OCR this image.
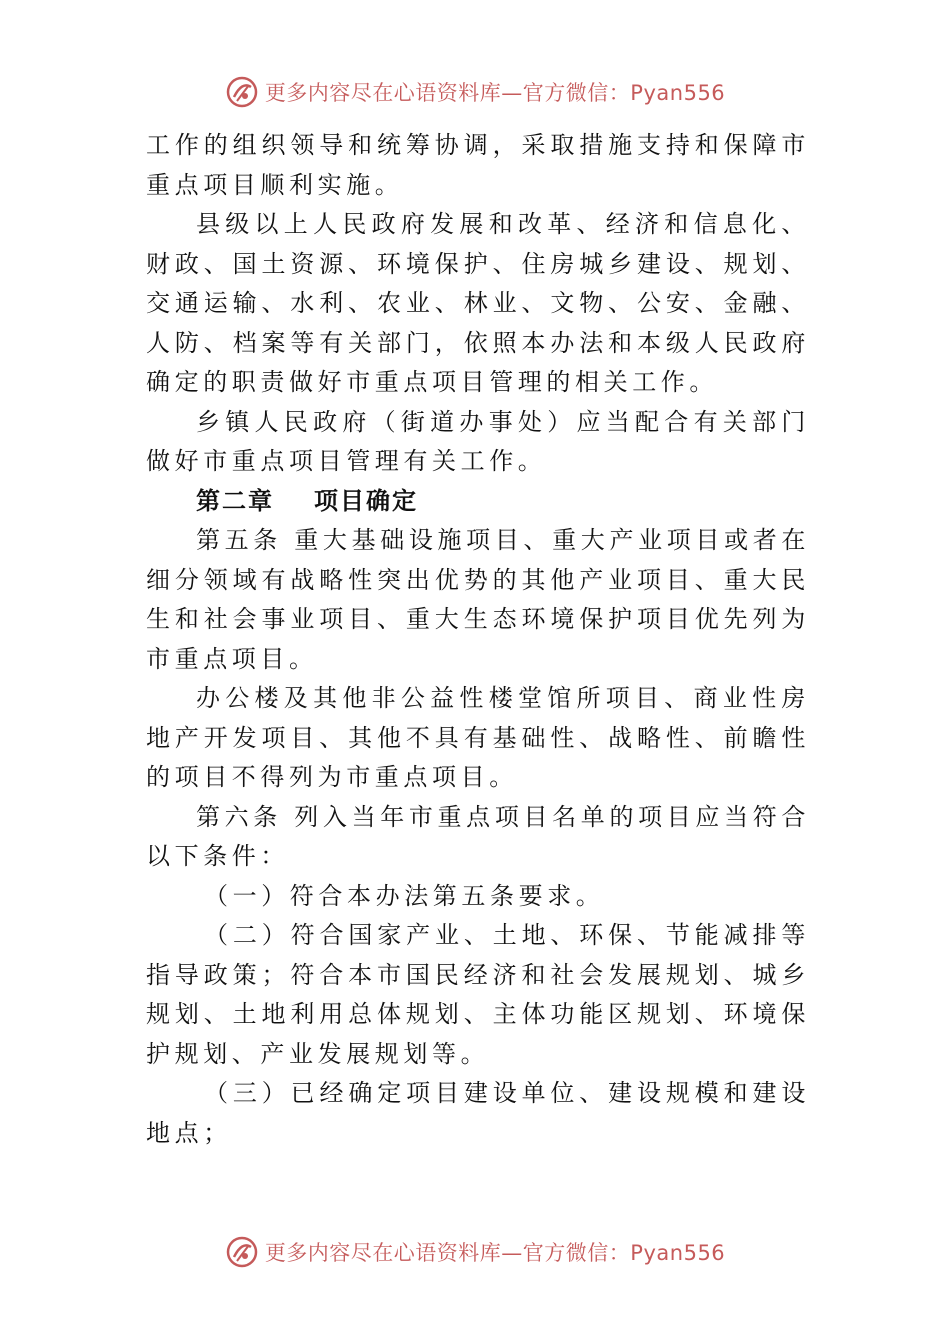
更多内容尽在心语资料库—官方微信：Pyan556

工作的组织领导和统筹协调，采取措施支持和保障市重点项目顺利实施。

县级以上人民政府发展和改革、经济和信息化、财政、国土资源、环境保护、住房城乡建设、规划、交通运输、水利、农业、林业、文物、公安、金融、人防、档案等有关部门，依照本办法和本级人民政府确定的职责做好市重点项目管理的相关工作。

乡镇人民政府（街道办事处）应当配合有关部门做好市重点项目管理有关工作。

第二章 项目确定

第五条 重大基础设施项目、重大产业项目或者在细分领域有战略性突出优势的其他产业项目、重大民生和社会事业项目、重大生态环境保护项目优先列为市重点项目。

办公楼及其他非公益性楼堂馆所项目、商业性房地产开发项目、其他不具有基础性、战略性、前瞻性的项目不得列为市重点项目。

第六条 列入当年市重点项目名单的项目应当符合以下条件：

（一）符合本办法第五条要求。

（二）符合国家产业、土地、环保、节能减排等指导政策；符合本市国民经济和社会发展规划、城乡规划、土地利用总体规划、主体功能区规划、环境保护规划、产业发展规划等。

（三）已经确定项目建设单位、建设规模和建设地点；

更多内容尽在心语资料库—官方微信：Pyan556
